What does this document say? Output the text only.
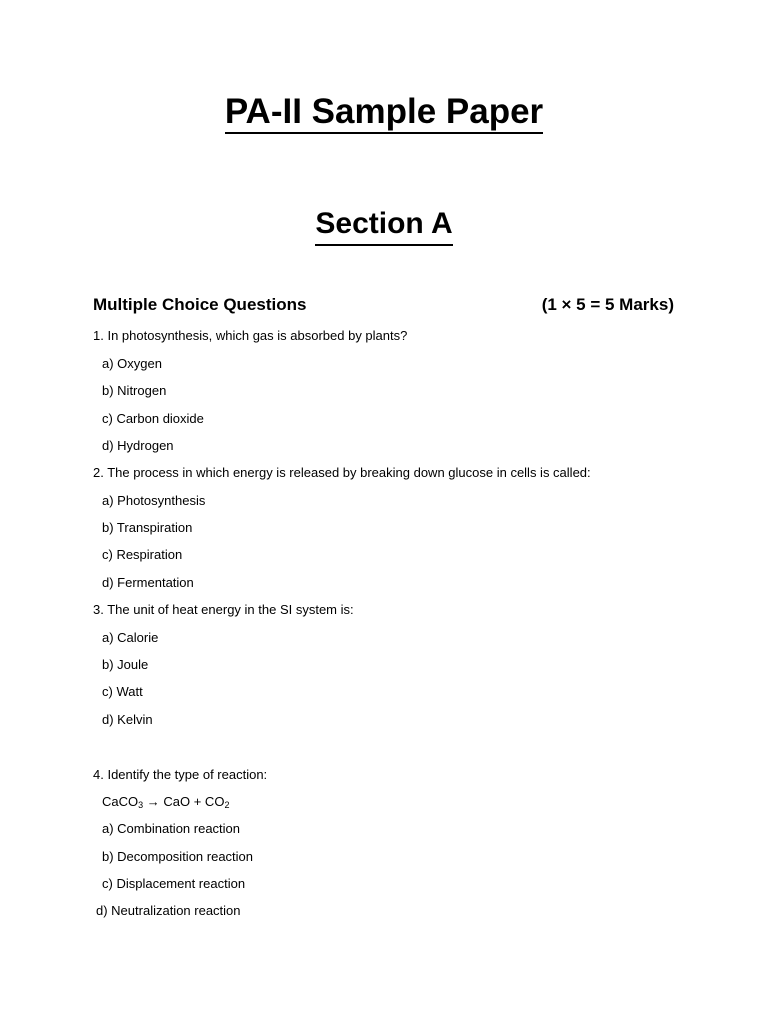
PA-II Sample Paper
Section A
Multiple Choice Questions	(1 × 5 = 5 Marks)
1. In photosynthesis, which gas is absorbed by plants?
a) Oxygen
b) Nitrogen
c) Carbon dioxide
d) Hydrogen
2. The process in which energy is released by breaking down glucose in cells is called:
a) Photosynthesis
b) Transpiration
c) Respiration
d) Fermentation
3. The unit of heat energy in the SI system is:
a) Calorie
b) Joule
c) Watt
d) Kelvin
4. Identify the type of reaction:
CaCO$_3$ → CaO + $CO_2$
a) Combination reaction
b) Decomposition reaction
c) Displacement reaction
d) Neutralization reaction
